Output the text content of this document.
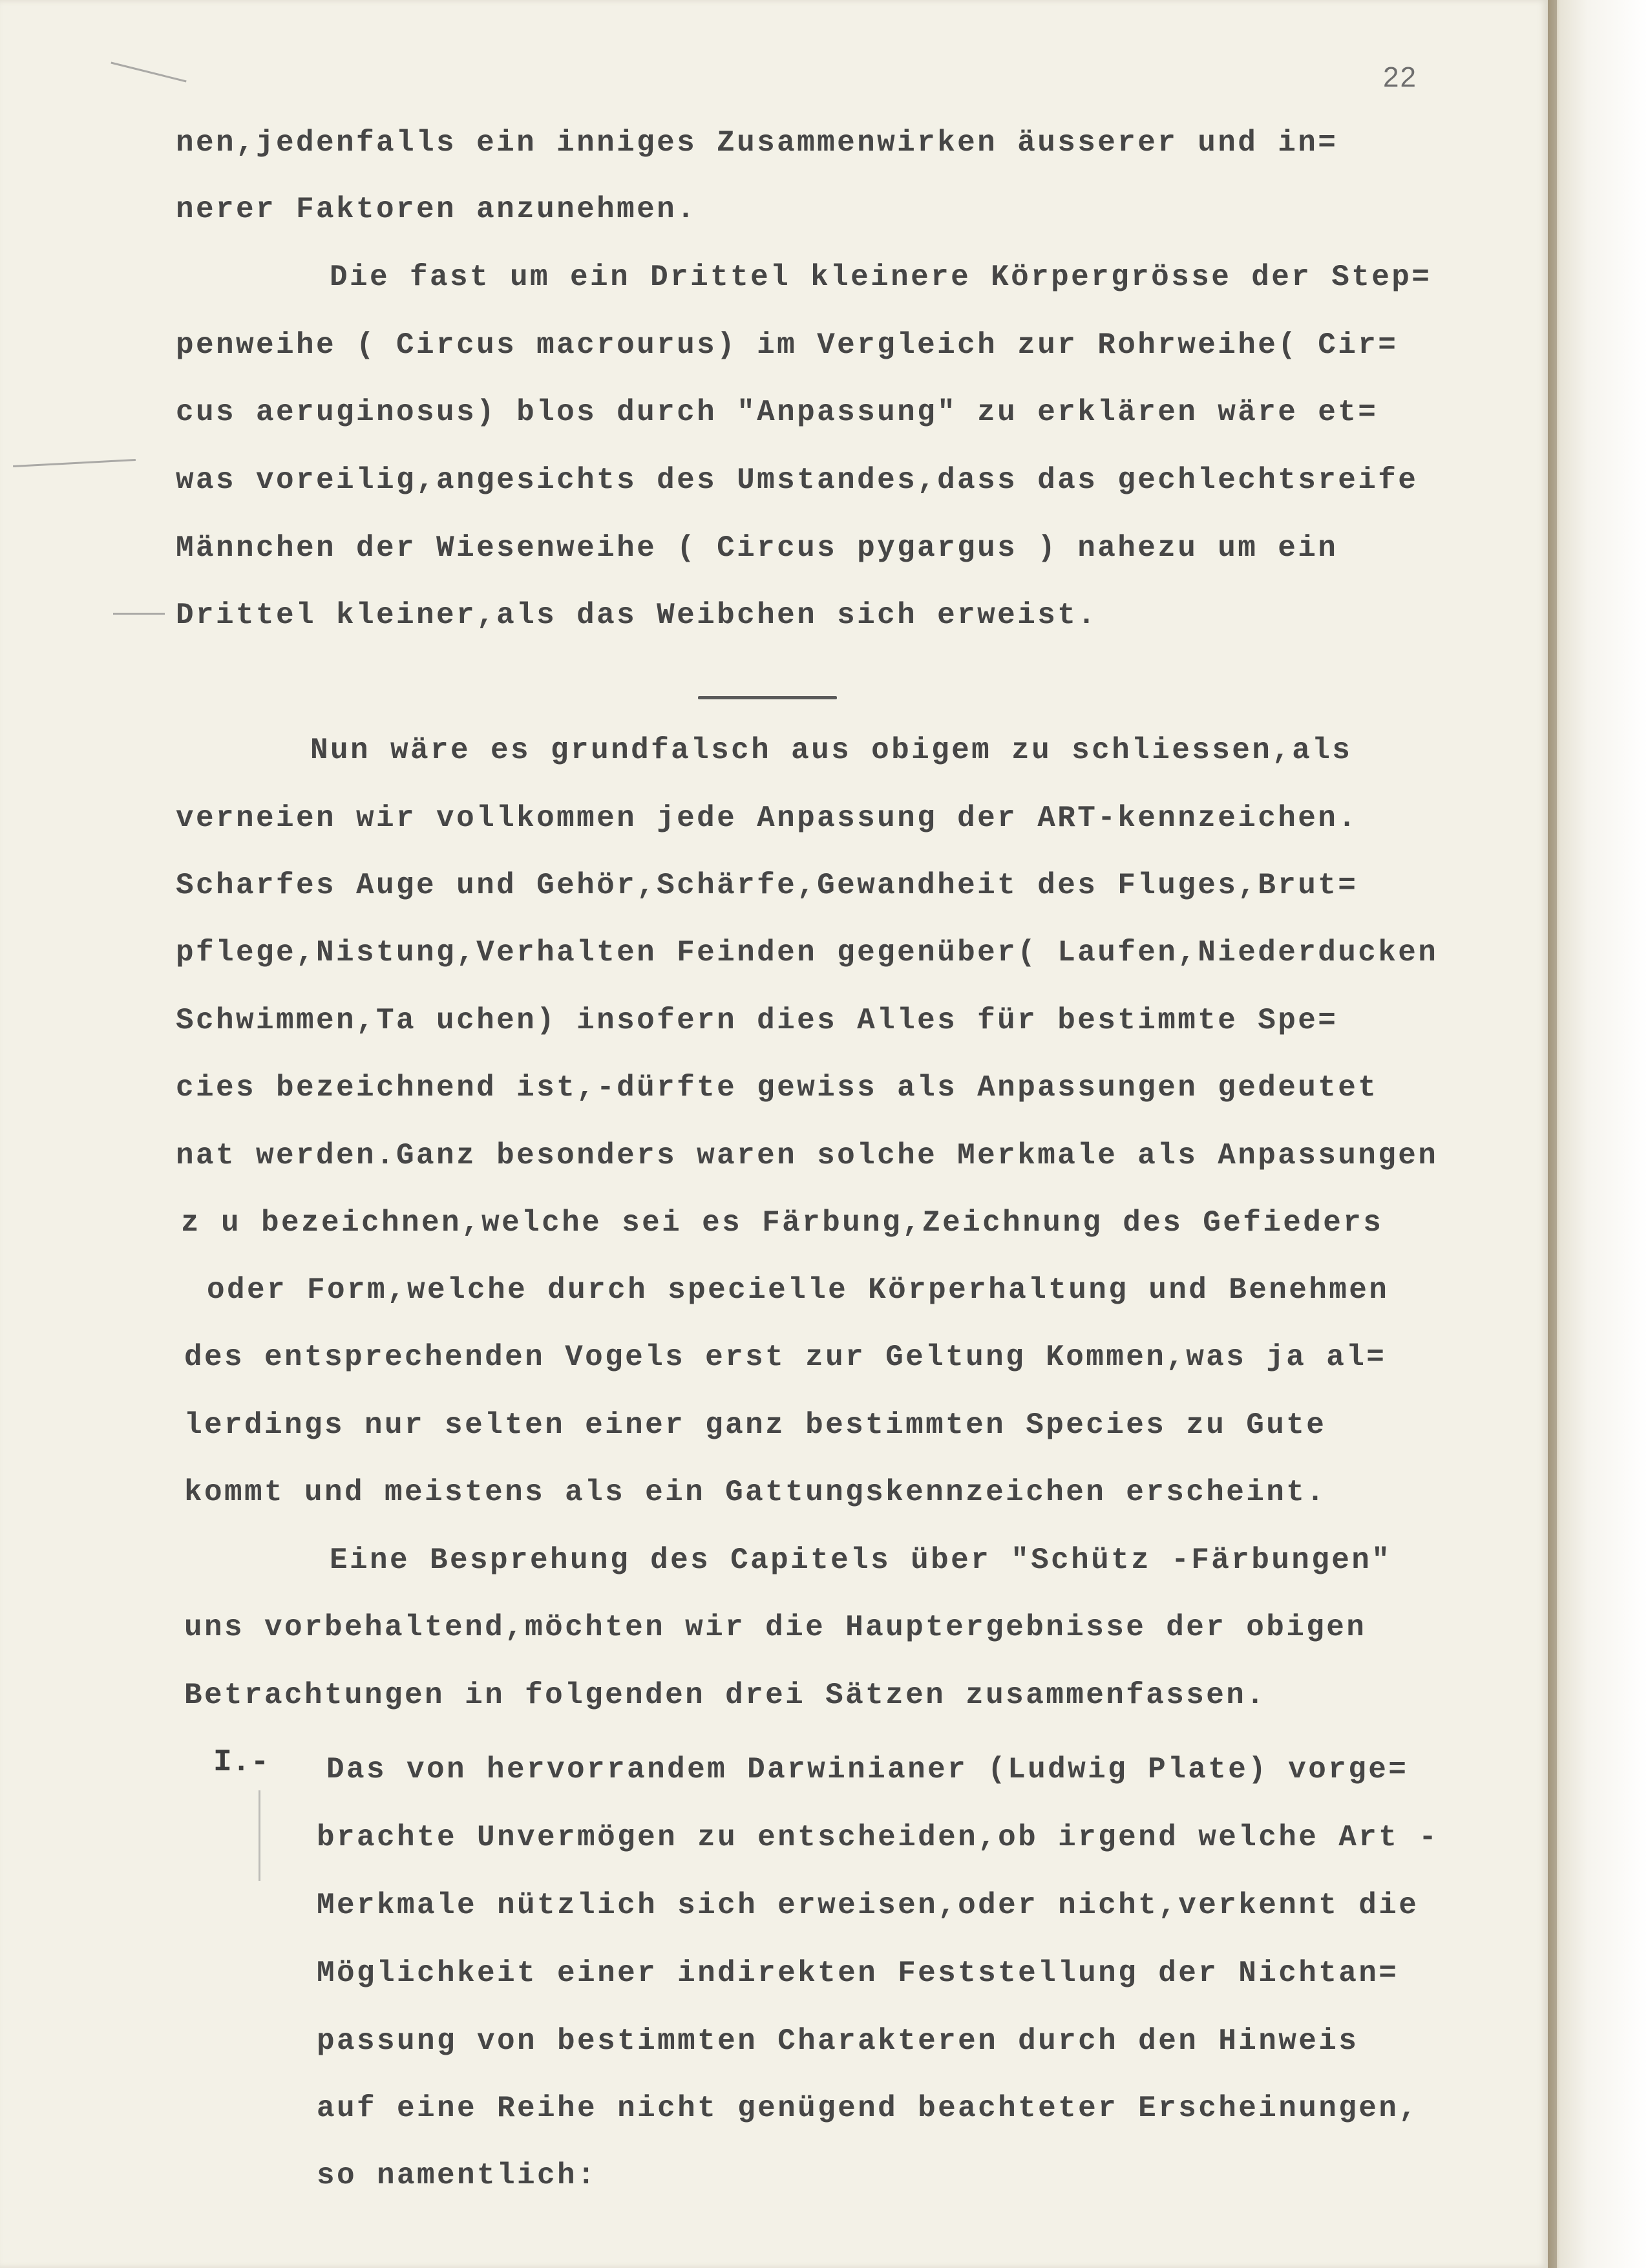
22
nen,jedenfalls ein inniges Zusammenwirken äusserer und in=
nerer Faktoren anzunehmen.
Die fast um ein Drittel kleinere Körpergrösse der Step=
penweihe ( Circus macrourus) im Vergleich zur Rohrweihe( Cir=
cus aeruginosus) blos durch "Anpassung" zu erklären wäre et=
was voreilig,angesichts des Umstandes,dass das gechlechtsreife
Männchen der Wiesenweihe ( Circus pygargus ) nahezu um ein
Drittel kleiner,als das Weibchen sich erweist.
Nun wäre es grundfalsch aus obigem zu schliessen,als
verneien wir vollkommen jede Anpassung der ART-kennzeichen.
Scharfes Auge und Gehör,Schärfe,Gewandheit des Fluges,Brut=
pflege,Nistung,Verhalten Feinden gegenüber( Laufen,Niederducken
Schwimmen,Ta uchen) insofern dies Alles für bestimmte Spe=
cies bezeichnend ist,-dürfte gewiss als Anpassungen gedeutet
nat werden.Ganz besonders waren solche Merkmale als Anpassungen
z u bezeichnen,welche sei es Färbung,Zeichnung des Gefieders
oder Form,welche durch specielle Körperhaltung und Benehmen
des entsprechenden Vogels erst zur Geltung Kommen,was ja al=
lerdings nur selten einer ganz bestimmten Species zu Gute
kommt und meistens als ein Gattungskennzeichen erscheint.
Eine Besprehung des Capitels über "Schütz -Färbungen"
uns vorbehaltend,möchten wir die Hauptergebnisse der obigen
Betrachtungen in folgenden drei Sätzen zusammenfassen.
I.- Das von hervorrandem Darwinianer (Ludwig Plate) vorge=
brachte Unvermögen zu entscheiden,ob irgend welche Art -
Merkmale nützlich sich erweisen,oder nicht,verkennt die
Möglichkeit einer indirekten Feststellung der Nichtan=
passung von bestimmten Charakteren durch den Hinweis
auf eine Reihe nicht genügend beachteter Erscheinungen,
so namentlich:
